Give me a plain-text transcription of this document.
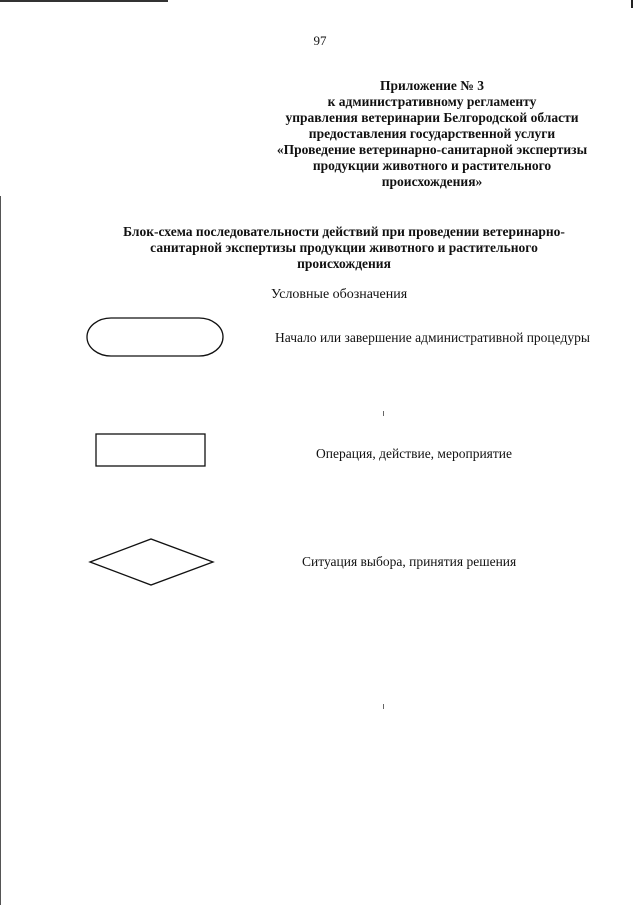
97
Приложение № 3
к административному регламенту
управления ветеринарии Белгородской области
предоставления государственной услуги
«Проведение ветеринарно-санитарной экспертизы
продукции животного и растительного
происхождения»
Блок-схема последовательности действий при проведении ветеринарно-
санитарной экспертизы продукции животного и растительного
происхождения
Условные обозначения
Начало или завершение административной процедуры
Операция, действие, мероприятие
Ситуация выбора, принятия решения
